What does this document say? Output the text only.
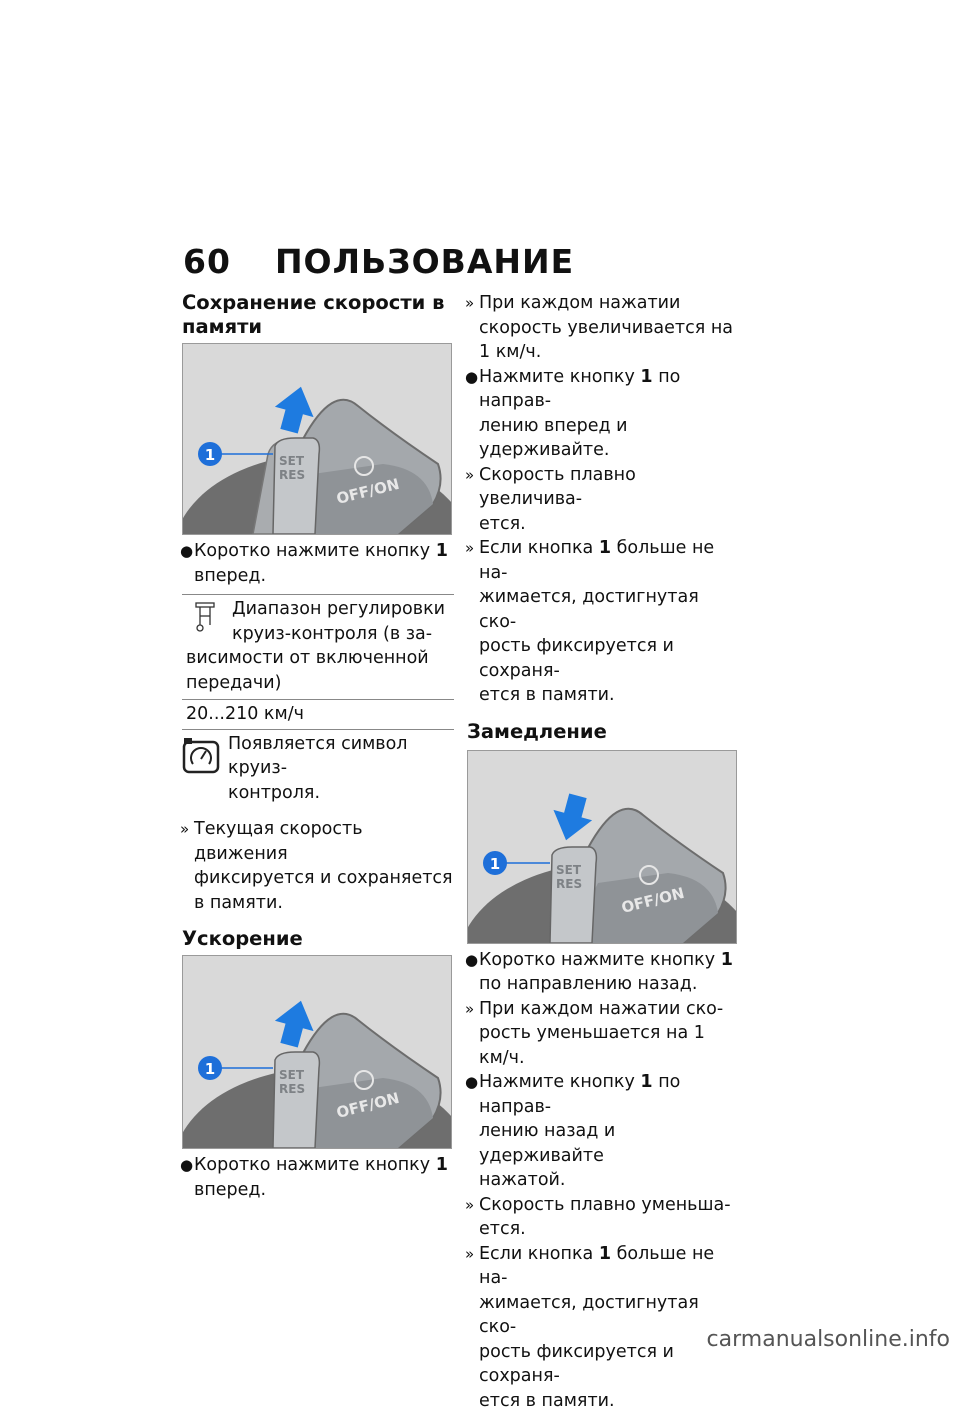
60 ПОЛЬЗОВАНИЕ
Сохранение скорости в
памяти
SET
RES OFF/ON
1
● Коротко нажмите кнопку 1
вперед.
Диапазон регулировки
круиз-контроля (в за-
висимости от включенной
передачи)
20...210 км/ч
Появляется символ круиз-
контроля.
» Текущая скорость движения
фиксируется и сохраняется
в памяти.
Ускорение
SET
RES OFF/ON
1
● Коротко нажмите кнопку 1
вперед.
» При каждом нажатии
скорость увеличивается на
1 км/ч.
● Нажмите кнопку 1 по направ-
лению вперед и удерживайте.
» Скорость плавно увеличива-
ется.
» Если кнопка 1 больше не на-
жимается, достигнутая ско-
рость фиксируется и сохраня-
ется в памяти.
Замедление
SET
RES	OFF/ON
1
● Коротко нажмите кнопку 1
по направлению назад.
» При каждом нажатии ско-
рость уменьшается на 1 км/ч.
● Нажмите кнопку 1 по направ-
лению назад и удерживайте
нажатой.
» Скорость плавно уменьша-
ется.
» Если кнопка 1 больше не на-
жимается, достигнутая ско-
рость фиксируется и сохраня-
ется в памяти.
carmanualsonline.info
